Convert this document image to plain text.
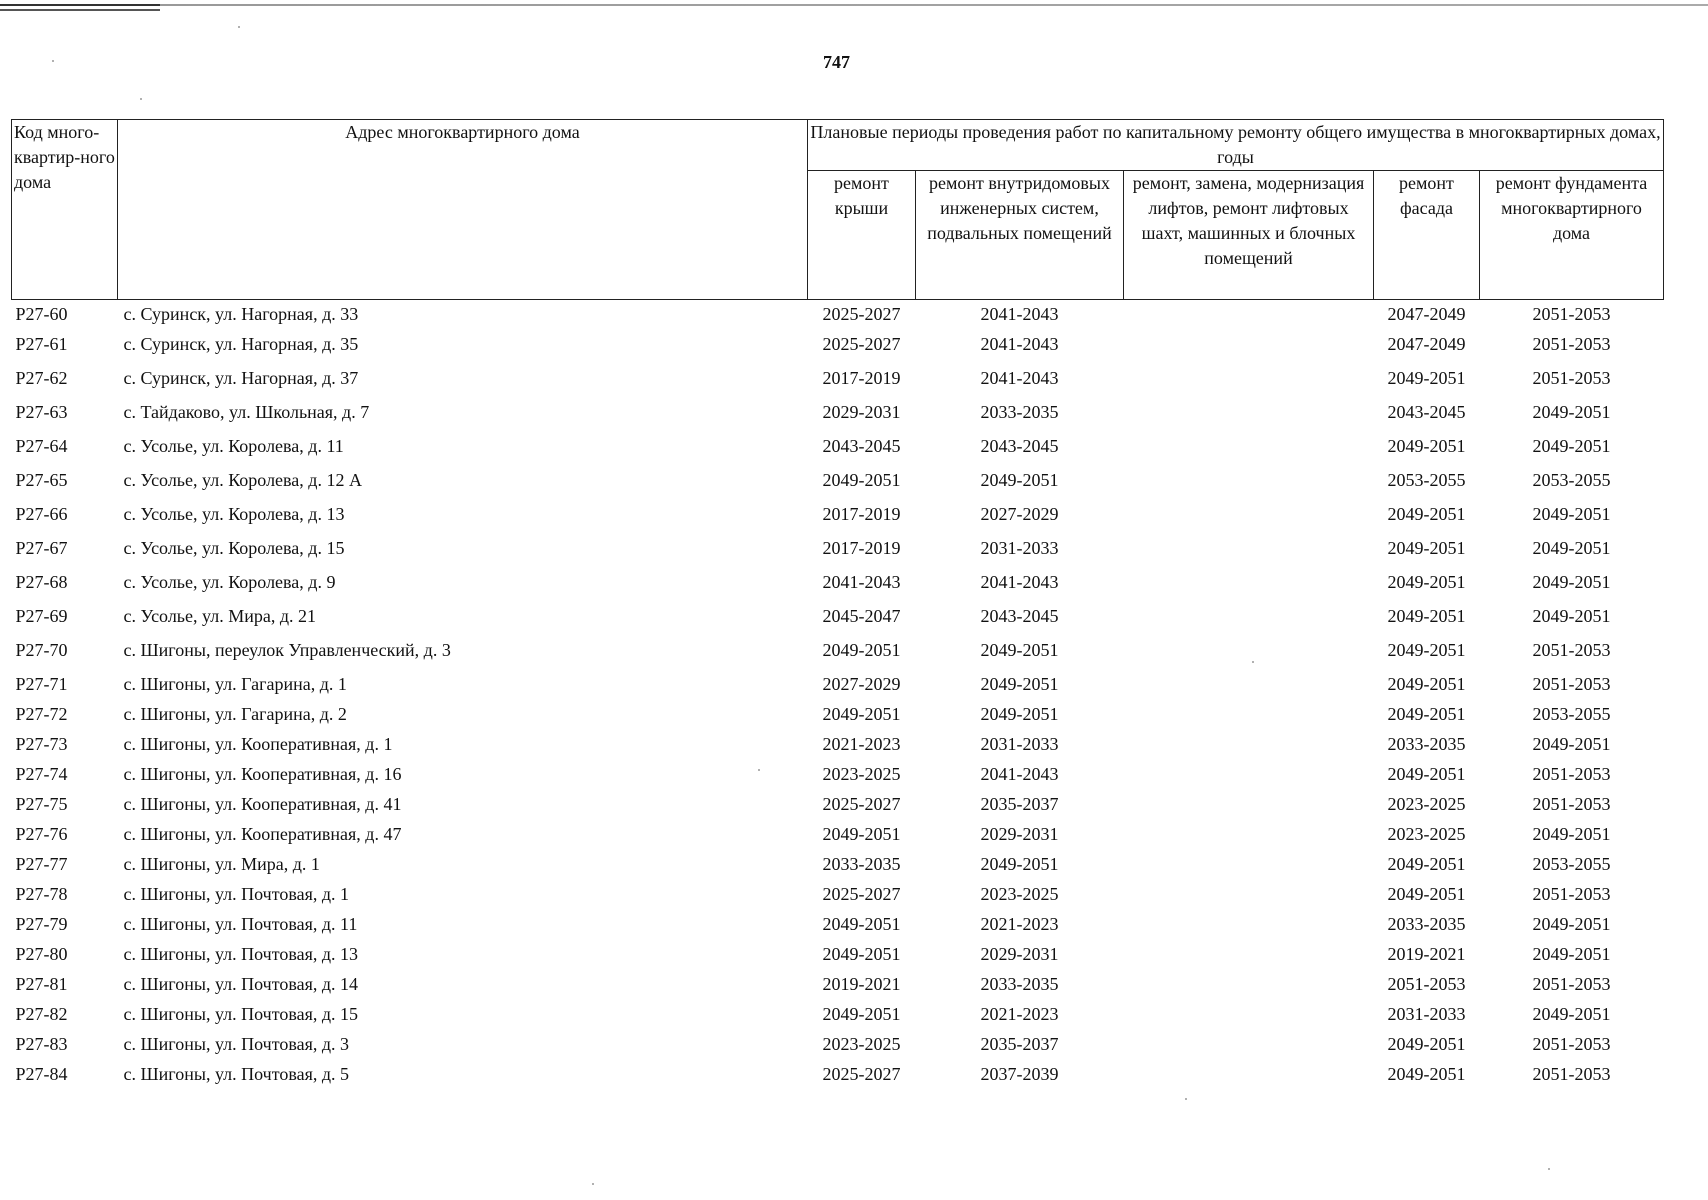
747
Код много-квартир-ного дома	Адрес многоквартирного дома	Плановые периоды проведения работ по капитальному ремонту общего имущества в многоквартирных домах, годы				
		ремонт крыши	ремонт внутридомовых инженерных систем, подвальных помещений	ремонт, замена, модернизация лифтов, ремонт лифтовых шахт, машинных и блочных помещений	ремонт фасада	ремонт фундамента многоквартирного дома
P27-60	с. Суринск, ул. Нагорная, д. 33	2025-2027	2041-2043		2047-2049	2051-2053
P27-61	с. Суринск, ул. Нагорная, д. 35	2025-2027	2041-2043		2047-2049	2051-2053
P27-62	с. Суринск, ул. Нагорная, д. 37	2017-2019	2041-2043		2049-2051	2051-2053
P27-63	с. Тайдаково, ул. Школьная, д. 7	2029-2031	2033-2035		2043-2045	2049-2051
P27-64	с. Усолье, ул. Королева, д. 11	2043-2045	2043-2045		2049-2051	2049-2051
P27-65	с. Усолье, ул. Королева, д. 12 А	2049-2051	2049-2051		2053-2055	2053-2055
P27-66	с. Усолье, ул. Королева, д. 13	2017-2019	2027-2029		2049-2051	2049-2051
P27-67	с. Усолье, ул. Королева, д. 15	2017-2019	2031-2033		2049-2051	2049-2051
P27-68	с. Усолье, ул. Королева, д. 9	2041-2043	2041-2043		2049-2051	2049-2051
P27-69	с. Усолье, ул. Мира, д. 21	2045-2047	2043-2045		2049-2051	2049-2051
P27-70	с. Шигоны, переулок Управленческий, д. 3	2049-2051	2049-2051		2049-2051	2051-2053
P27-71	с. Шигоны, ул. Гагарина, д. 1	2027-2029	2049-2051		2049-2051	2051-2053
P27-72	с. Шигоны, ул. Гагарина, д. 2	2049-2051	2049-2051		2049-2051	2053-2055
P27-73	с. Шигоны, ул. Кооперативная, д. 1	2021-2023	2031-2033		2033-2035	2049-2051
P27-74	с. Шигоны, ул. Кооперативная, д. 16	2023-2025	2041-2043		2049-2051	2051-2053
P27-75	с. Шигоны, ул. Кооперативная, д. 41	2025-2027	2035-2037		2023-2025	2051-2053
P27-76	с. Шигоны, ул. Кооперативная, д. 47	2049-2051	2029-2031		2023-2025	2049-2051
P27-77	с. Шигоны, ул. Мира, д. 1	2033-2035	2049-2051		2049-2051	2053-2055
P27-78	с. Шигоны, ул. Почтовая, д. 1	2025-2027	2023-2025		2049-2051	2051-2053
P27-79	с. Шигоны, ул. Почтовая, д. 11	2049-2051	2021-2023		2033-2035	2049-2051
P27-80	с. Шигоны, ул. Почтовая, д. 13	2049-2051	2029-2031		2019-2021	2049-2051
P27-81	с. Шигоны, ул. Почтовая, д. 14	2019-2021	2033-2035		2051-2053	2051-2053
P27-82	с. Шигоны, ул. Почтовая, д. 15	2049-2051	2021-2023		2031-2033	2049-2051
P27-83	с. Шигоны, ул. Почтовая, д. 3	2023-2025	2035-2037		2049-2051	2051-2053
P27-84	с. Шигоны, ул. Почтовая, д. 5	2025-2027	2037-2039		2049-2051	2051-2053
